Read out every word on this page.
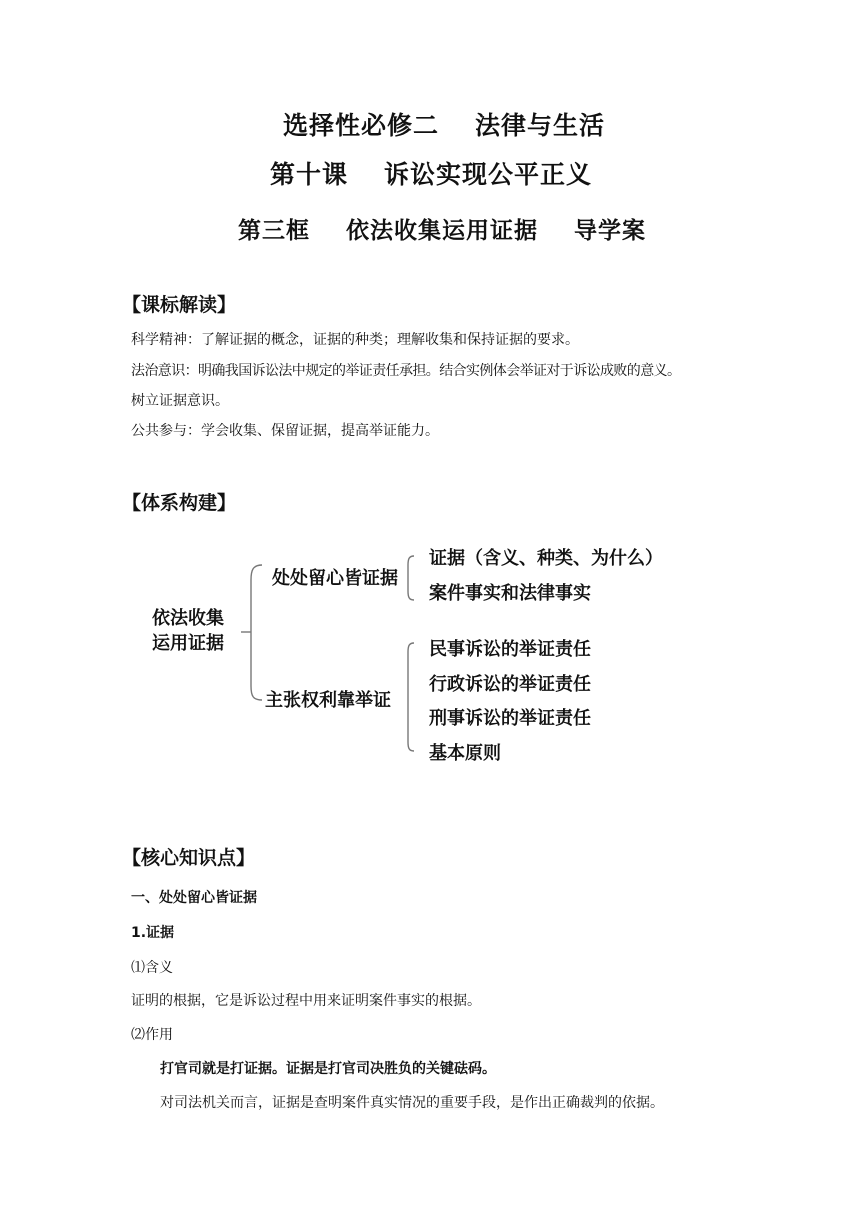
选择性必修二 法律与生活
第十课 诉讼实现公平正义
第三框 依法收集运用证据 导学案
【课标解读】
科学精神：了解证据的概念，证据的种类；理解收集和保持证据的要求。
法治意识：明确我国诉讼法中规定的举证责任承担。结合实例体会举证对于诉讼成败的意义。
树立证据意识。
公共参与：学会收集、保留证据，提高举证能力。
【体系构建】
依法收集
运用证据
处处留心皆证据
证据（含义、种类、为什么）
案件事实和法律事实
主张权利靠举证
民事诉讼的举证责任
行政诉讼的举证责任
刑事诉讼的举证责任
基本原则
【核心知识点】
一、处处留心皆证据
1.证据
⑴含义
证明的根据，它是诉讼过程中用来证明案件事实的根据。
⑵作用
打官司就是打证据。证据是打官司决胜负的关键砝码。
对司法机关而言，证据是查明案件真实情况的重要手段，是作出正确裁判的依据。
